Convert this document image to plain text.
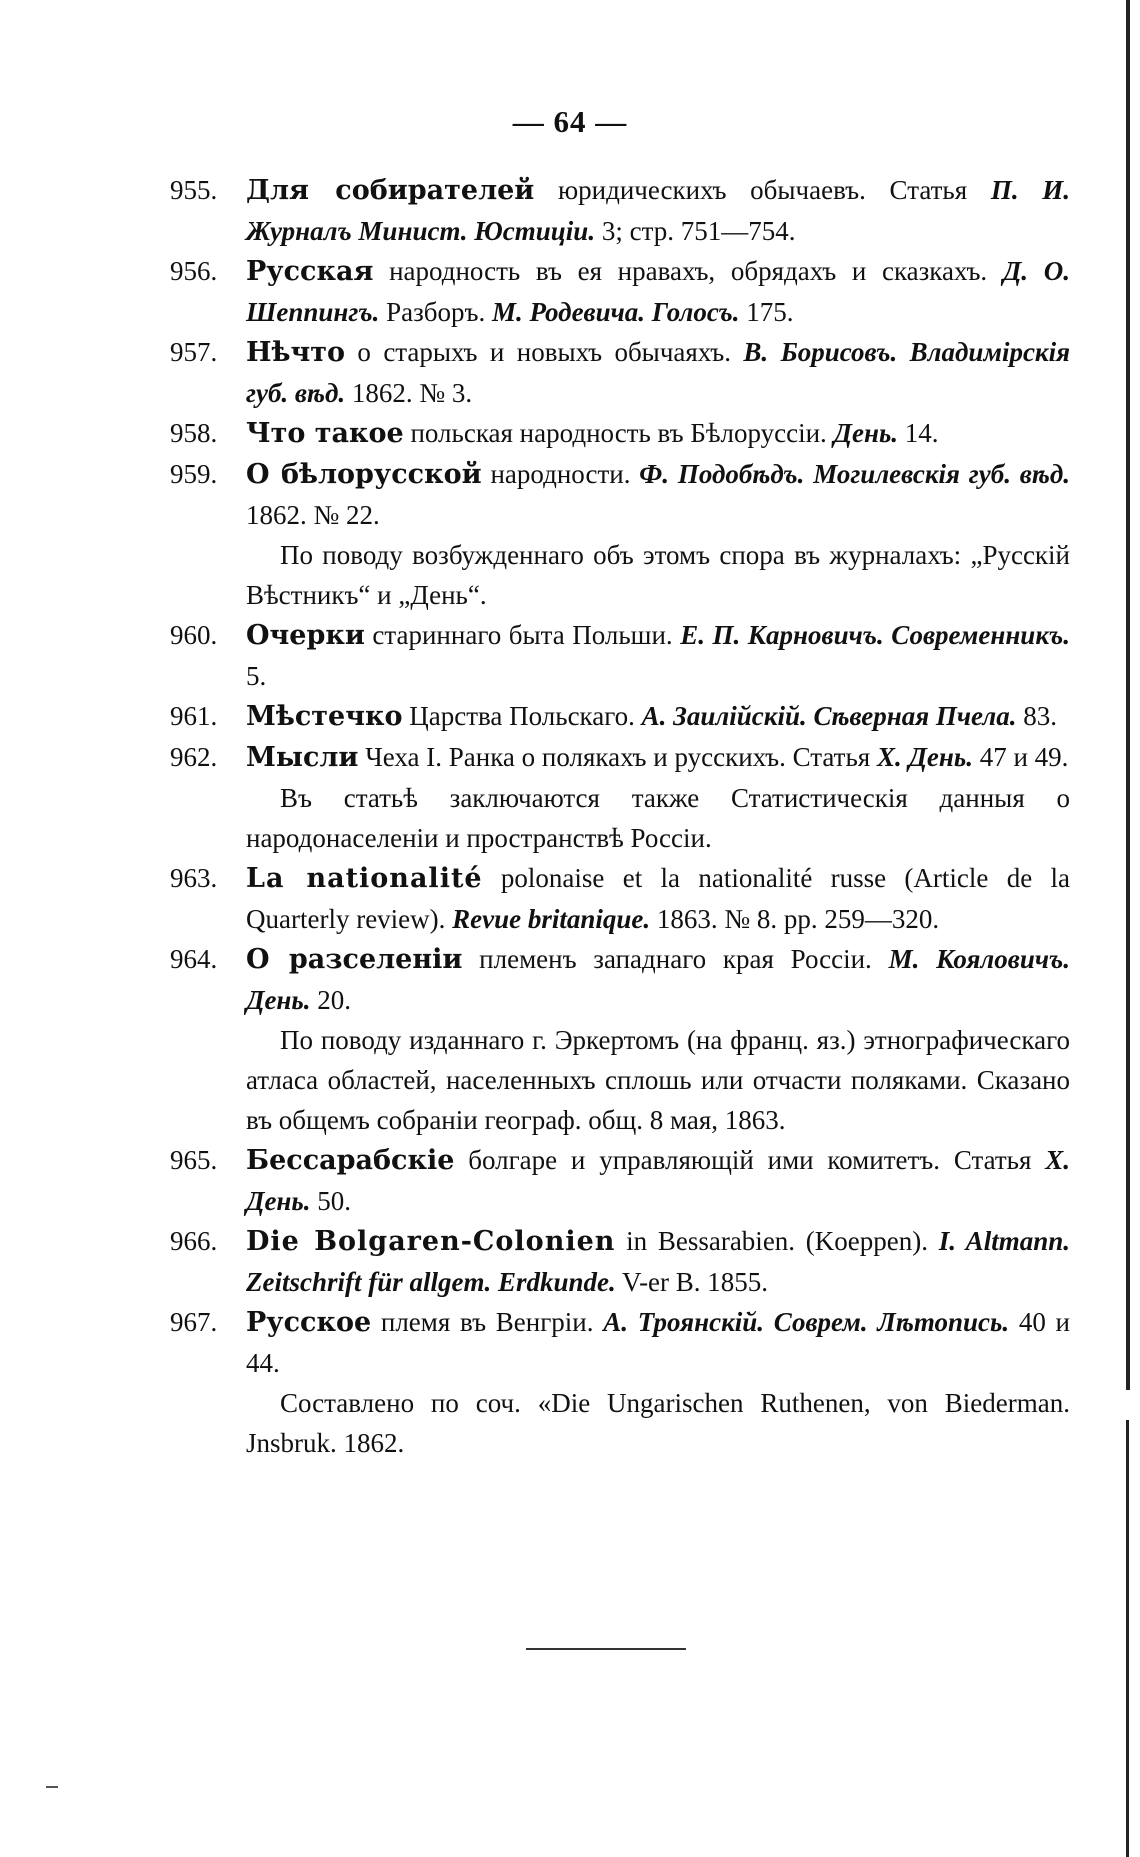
— 64 —
955.	Для собирателей юридическихъ обычаевъ. Статья П. И. Журналъ Минист. Юстиціи. 3; стр. 751—754.
956.	Русская народность въ ея нравахъ, обрядахъ и сказкахъ. Д. О. Шеппингъ. Разборъ. М. Родевича. Голосъ. 175.
957.	Нѣчто о старыхъ и новыхъ обычаяхъ. В. Борисовъ. Владимірскія губ. вѣд. 1862. № 3.
958.	Что такое польская народность въ Бѣлоруссіи. День. 14.
959.	О бѣлорусской народности. Ф. Подобѣдъ. Могилевскія губ. вѣд. 1862. № 22.
По поводу возбужденнаго объ этомъ спора въ журналахъ: „Русскій Вѣстникъ“ и „День“.
960.	Очерки стариннаго быта Польши. Е. П. Карновичъ. Современникъ. 5.
961.	Мѣстечко Царства Польскаго. А. Заилійскій. Сѣверная Пчела. 83.
962.	Мысли Чеха I. Ранка о полякахъ и русскихъ. Статья Х. День. 47 и 49.
Въ статьѣ заключаются также Статистическія данныя о народонаселеніи и пространствѣ Россіи.
963.	La nationalité polonaise et la nationalité russe (Article de la Quarterly review). Revue britanique. 1863. № 8. pp. 259—320.
964.	О разселеніи племенъ западнаго края Россіи. М. Кояловичъ. День. 20.
По поводу изданнаго г. Эркертомъ (на франц. яз.) этнографическаго атласа областей, населенныхъ сплошь или отчасти поляками. Сказано въ общемъ собраніи географ. общ. 8 мая, 1863.
965.	Бессарабскіе болгаре и управляющій ими комитетъ. Статья Х. День. 50.
966.	Die Bolgaren-Colonien in Bessarabien. (Koeppen). I. Altmann. Zeitschrift für allgem. Erdkunde. V-er B. 1855.
967.	Русское племя въ Венгріи. А. Троянскій. Соврем. Лѣтопись. 40 и 44.
Составлено по соч. «Die Ungarischen Ruthenen, von Biederman. Jnsbruk. 1862.
